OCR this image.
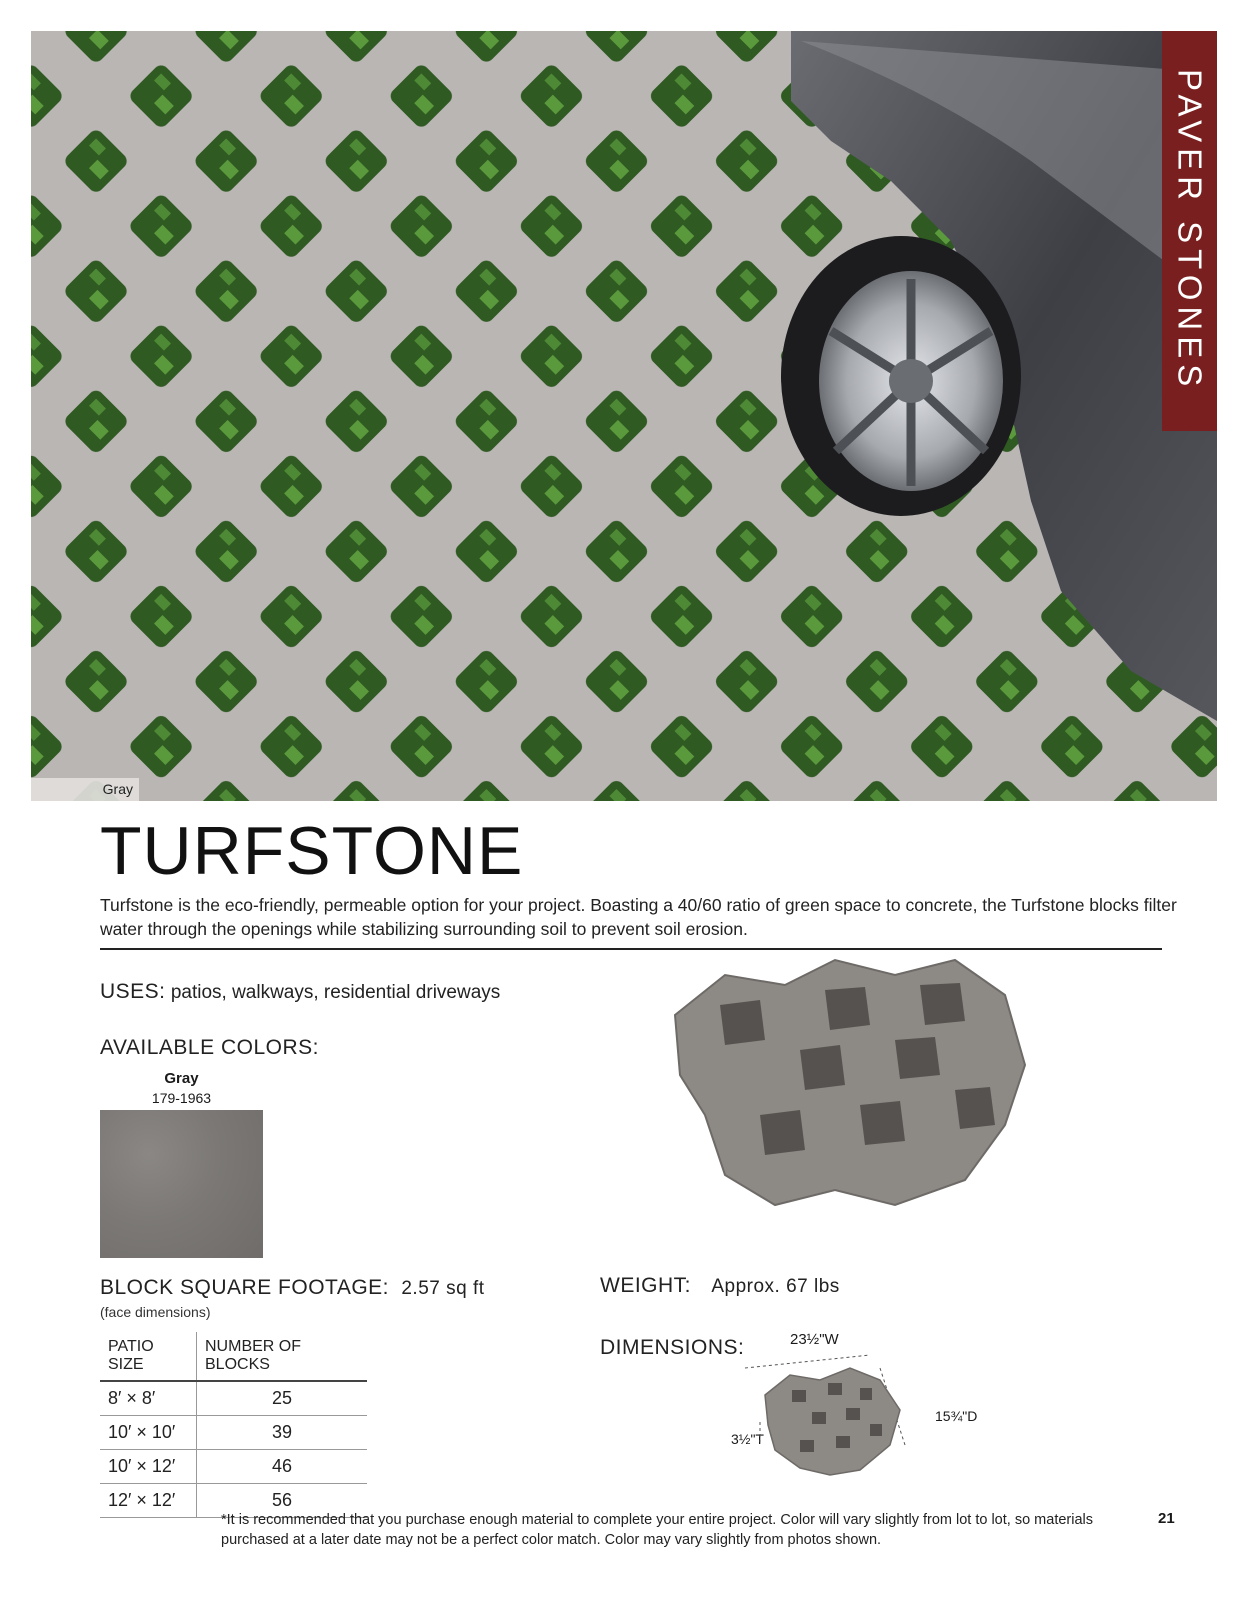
Gray
PAVER STONES
TURFSTONE
Turfstone is the eco-friendly, permeable option for your project. Boasting a 40/60 ratio of green space to concrete, the Turfstone blocks filter water through the openings while stabilizing surrounding soil to prevent soil erosion.
USES: patios, walkways, residential driveways
AVAILABLE COLORS:
Gray
179-1963
BLOCK SQUARE FOOTAGE: 2.57 sq ft
(face dimensions)
PATIO SIZE	NUMBER OF BLOCKS
8′ × 8′	25
10′ × 10′	39
10′ × 12′	46
12′ × 12′	56
WEIGHT: Approx. 67 lbs
DIMENSIONS:	23½"W
3½"T
15¾"D
21
*It is recommended that you purchase enough material to complete your entire project. Color will vary slightly from lot to lot, so materials purchased at a later date may not be a perfect color match. Color may vary slightly from photos shown.
